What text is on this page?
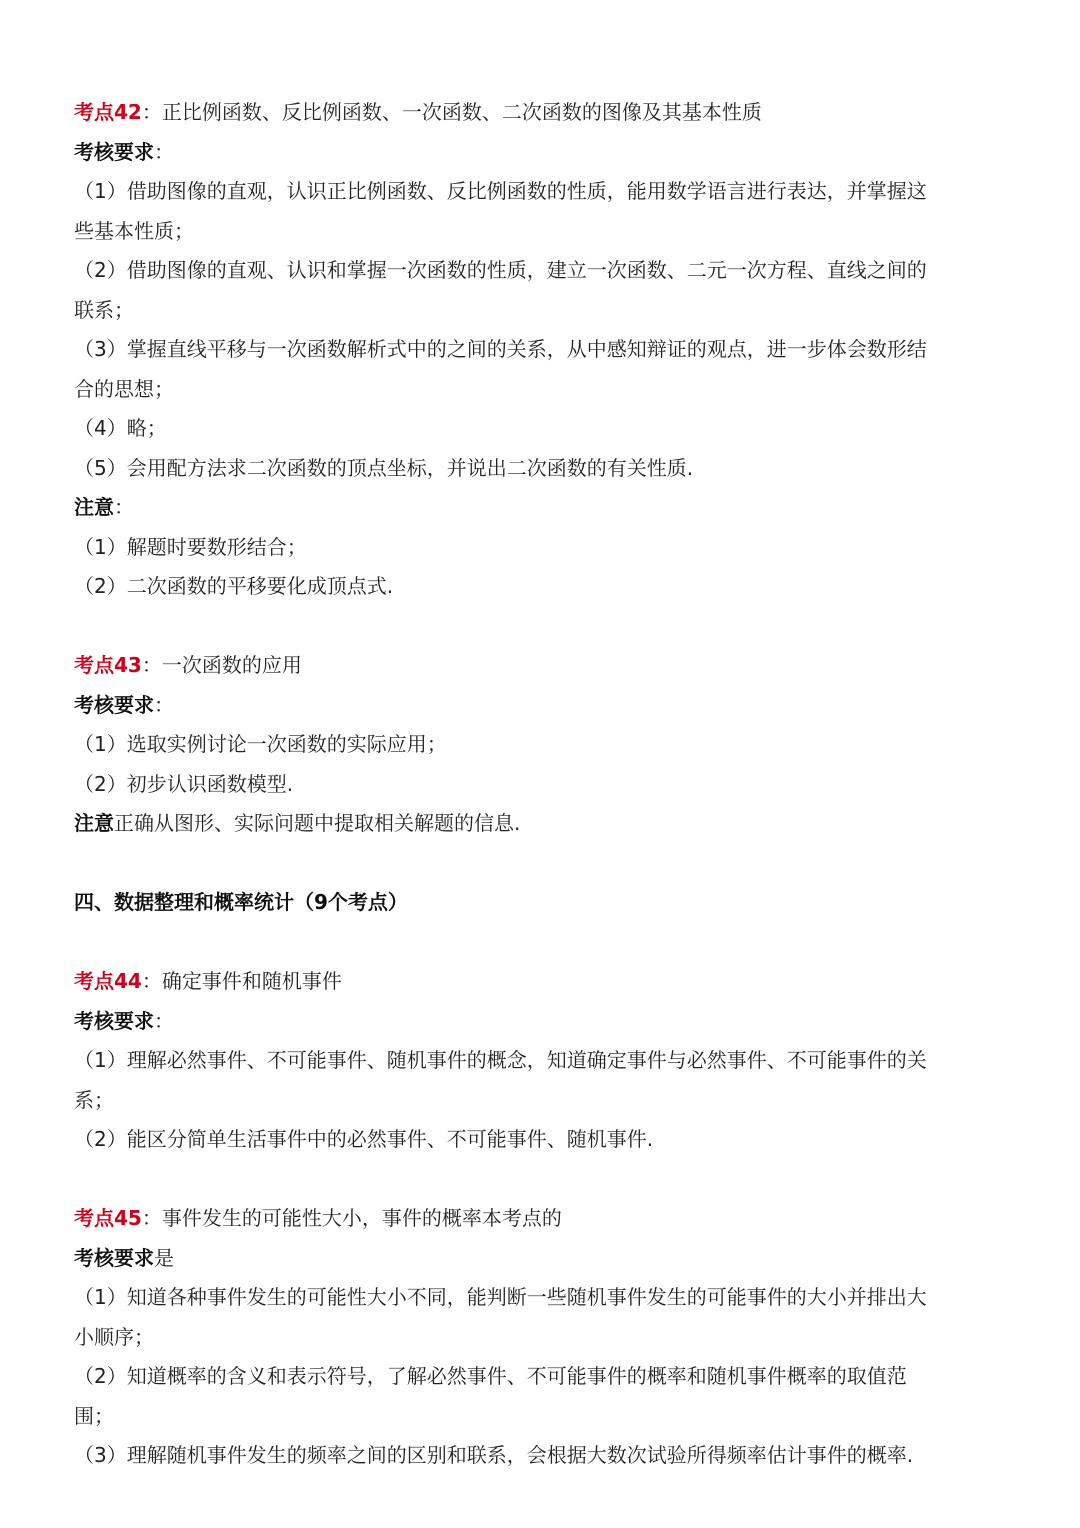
考点42：正比例函数、反比例函数、一次函数、二次函数的图像及其基本性质
考核要求：
（1）借助图像的直观，认识正比例函数、反比例函数的性质，能用数学语言进行表达，并掌握这
些基本性质；
（2）借助图像的直观、认识和掌握一次函数的性质，建立一次函数、二元一次方程、直线之间的
联系；
（3）掌握直线平移与一次函数解析式中的之间的关系，从中感知辩证的观点，进一步体会数形结
合的思想；
（4）略；
（5）会用配方法求二次函数的顶点坐标，并说出二次函数的有关性质.
注意：
（1）解题时要数形结合；
（2）二次函数的平移要化成顶点式.
考点43：一次函数的应用
考核要求：
（1）选取实例讨论一次函数的实际应用；
（2）初步认识函数模型.
注意正确从图形、实际问题中提取相关解题的信息.
四、数据整理和概率统计（9个考点）
考点44：确定事件和随机事件
考核要求：
（1）理解必然事件、不可能事件、随机事件的概念，知道确定事件与必然事件、不可能事件的关
系；
（2）能区分简单生活事件中的必然事件、不可能事件、随机事件.
考点45：事件发生的可能性大小，事件的概率本考点的
考核要求是
（1）知道各种事件发生的可能性大小不同，能判断一些随机事件发生的可能事件的大小并排出大
小顺序；
（2）知道概率的含义和表示符号，了解必然事件、不可能事件的概率和随机事件概率的取值范
围；
（3）理解随机事件发生的频率之间的区别和联系，会根据大数次试验所得频率估计事件的概率.
